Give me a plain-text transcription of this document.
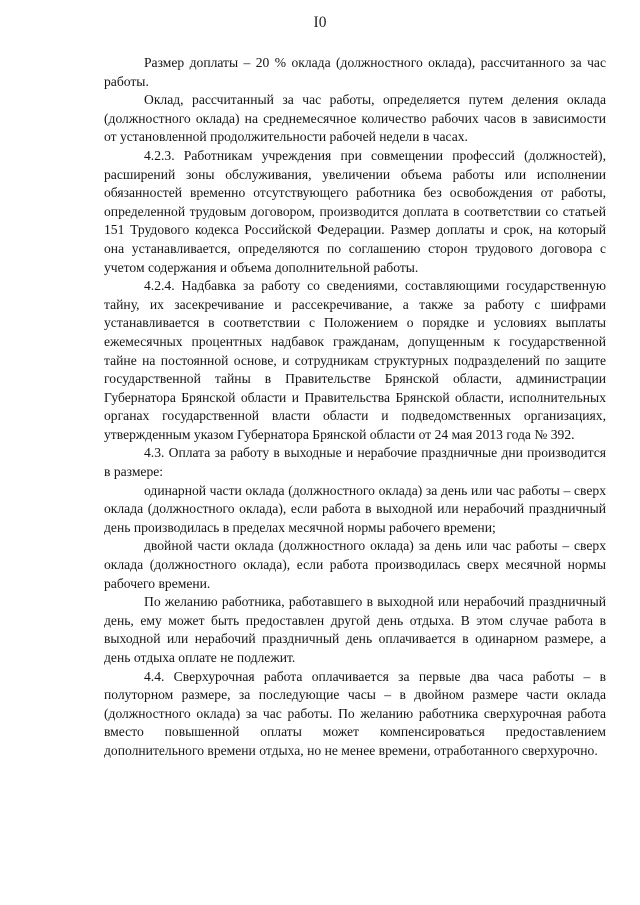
I0

Размер доплаты – 20 % оклада (должностного оклада), рассчитанного за час работы.

Оклад, рассчитанный за час работы, определяется путем деления оклада (должностного оклада) на среднемесячное количество рабочих часов в зависимости от установленной продолжительности рабочей недели в часах.

4.2.3. Работникам учреждения при совмещении профессий (должностей), расширений зоны обслуживания, увеличении объема работы или исполнении обязанностей временно отсутствующего работника без освобождения от работы, определенной трудовым договором, производится доплата в соответствии со статьей 151 Трудового кодекса Российской Федерации. Размер доплаты и срок, на который она устанавливается, определяются по соглашению сторон трудового договора с учетом содержания и объема дополнительной работы.

4.2.4. Надбавка за работу со сведениями, составляющими государственную тайну, их засекречивание и рассекречивание, а также за работу с шифрами устанавливается в соответствии с Положением о порядке и условиях выплаты ежемесячных процентных надбавок гражданам, допущенным к государственной тайне на постоянной основе, и сотрудникам структурных подразделений по защите государственной тайны в Правительстве Брянской области, администрации Губернатора Брянской области и Правительства Брянской области, исполнительных органах государственной власти области и подведомственных организациях, утвержденным указом Губернатора Брянской области от 24 мая 2013 года № 392.

4.3. Оплата за работу в выходные и нерабочие праздничные дни производится в размере:

одинарной части оклада (должностного оклада) за день или час работы – сверх оклада (должностного оклада), если работа в выходной или нерабочий праздничный день производилась в пределах месячной нормы рабочего времени;

двойной части оклада (должностного оклада) за день или час работы – сверх оклада (должностного оклада), если работа производилась сверх месячной нормы рабочего времени.

По желанию работника, работавшего в выходной или нерабочий праздничный день, ему может быть предоставлен другой день отдыха. В этом случае работа в выходной или нерабочий праздничный день оплачивается в одинарном размере, а день отдыха оплате не подлежит.

4.4. Сверхурочная работа оплачивается за первые два часа работы – в полуторном размере, за последующие часы – в двойном размере части оклада (должностного оклада) за час работы. По желанию работника сверхурочная работа вместо повышенной оплаты может компенсироваться предоставлением дополнительного времени отдыха, но не менее времени, отработанного сверхурочно.
